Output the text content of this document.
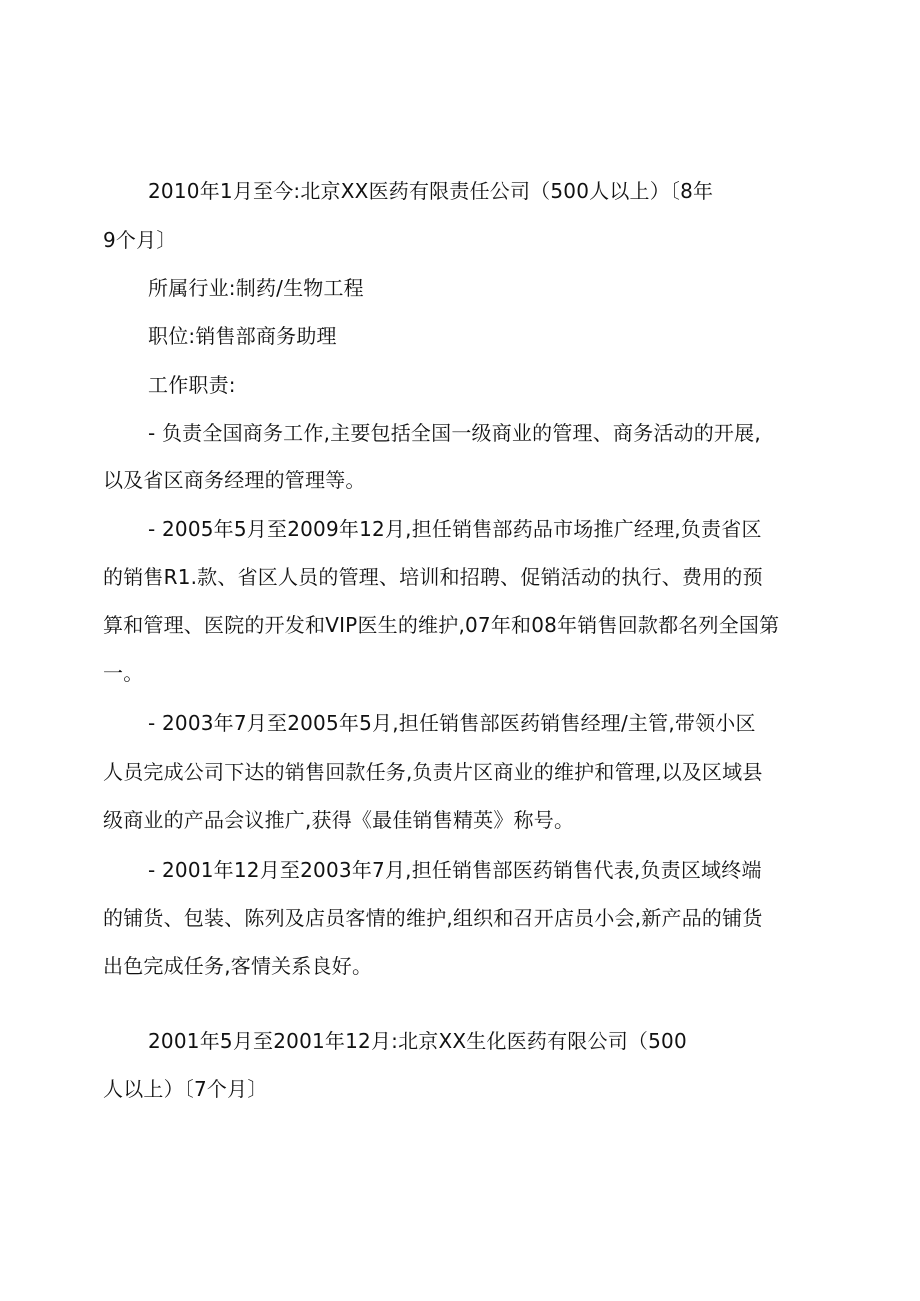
2010年1月至今:北京XX医药有限责任公司（500人以上）〔8年
9个月〕
所属行业:制药/生物工程
职位:销售部商务助理
工作职责:
- 负责全国商务工作,主要包括全国一级商业的管理、商务活动的开展,
以及省区商务经理的管理等。
- 2005年5月至2009年12月,担任销售部药品市场推广经理,负责省区
的销售R1.款、省区人员的管理、培训和招聘、促销活动的执行、费用的预
算和管理、医院的开发和VIP医生的维护,07年和08年销售回款都名列全国第
一。
- 2003年7月至2005年5月,担任销售部医药销售经理/主管,带领小区
人员完成公司下达的销售回款任务,负责片区商业的维护和管理,以及区域县
级商业的产品会议推广,获得《最佳销售精英》称号。
- 2001年12月至2003年7月,担任销售部医药销售代表,负责区域终端
的铺货、包装、陈列及店员客情的维护,组织和召开店员小会,新产品的铺货
出色完成任务,客情关系良好。
2001年5月至2001年12月:北京XX生化医药有限公司（500
人以上）〔7个月〕
